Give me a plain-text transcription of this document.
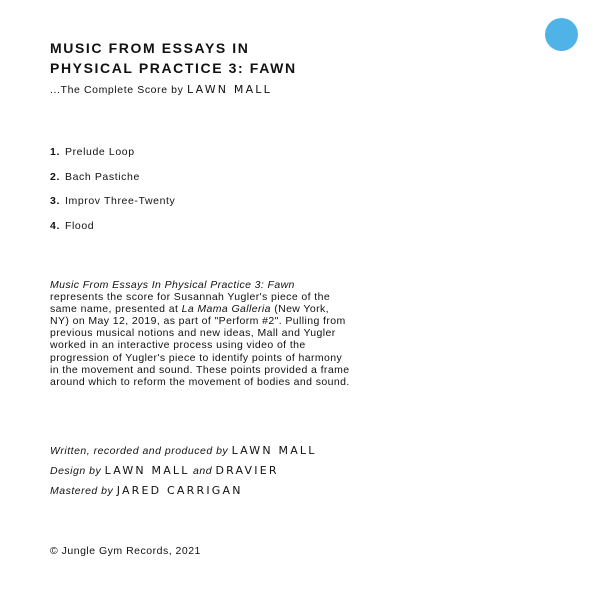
MUSIC FROM ESSAYS IN
PHYSICAL PRACTICE 3: FAWN
...The Complete Score by LAWN MALL
1. Prelude Loop
2. Bach Pastiche
3. Improv Three-Twenty
4. Flood

Music From Essays In Physical Practice 3: Fawn represents the score for Susannah Yugler's piece of the same name, presented at La Mama Galleria (New York, NY) on May 12, 2019, as part of "Perform #2". Pulling from previous musical notions and new ideas, Mall and Yugler worked in an interactive process using video of the progression of Yugler's piece to identify points of harmony in the movement and sound. These points provided a frame around which to reform the movement of bodies and sound.

Written, recorded and produced by LAWN MALL
Design by LAWN MALL and DRAVIER
Mastered by JARED CARRIGAN
© Jungle Gym Records, 2021
